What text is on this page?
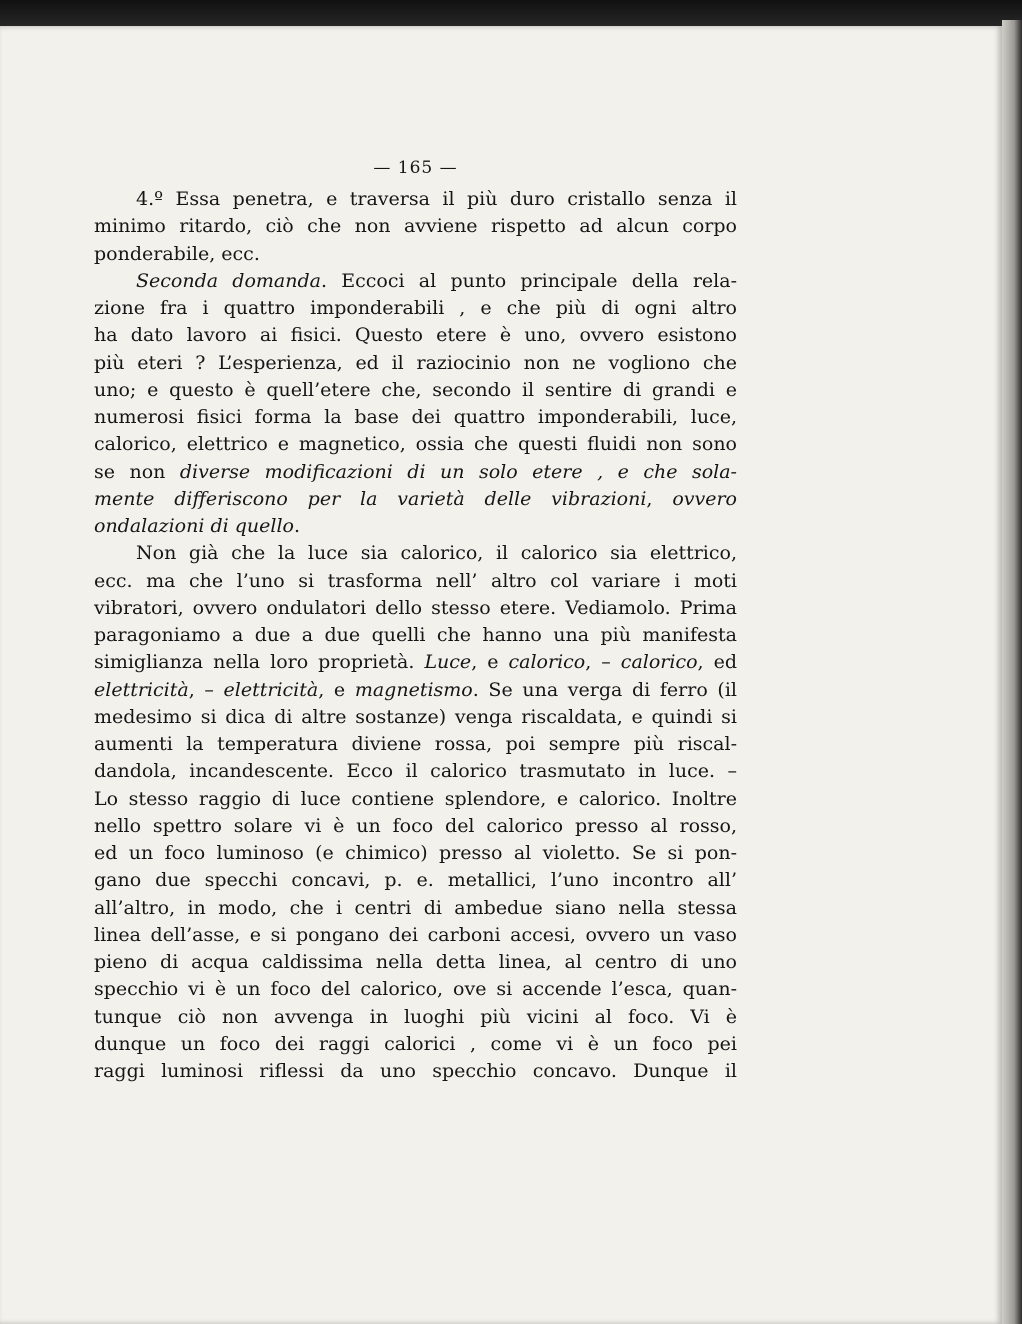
— 165 —
4.º Essa penetra, e traversa il più duro cristallo senza il
minimo ritardo, ciò che non avviene rispetto ad alcun corpo
ponderabile, ecc.
Seconda domanda. Eccoci al punto principale della rela-
zione fra i quattro imponderabili , e che più di ogni altro
ha dato lavoro ai fisici. Questo etere è uno, ovvero esistono
più eteri ? L’esperienza, ed il raziocinio non ne vogliono che
uno; e questo è quell’etere che, secondo il sentire di grandi e
numerosi fisici forma la base dei quattro imponderabili, luce,
calorico, elettrico e magnetico, ossia che questi fluidi non sono
se non diverse modificazioni di un solo etere , e che sola-
mente differiscono per la varietà delle vibrazioni, ovvero
ondalazioni di quello.
Non già che la luce sia calorico, il calorico sia elettrico,
ecc. ma che l’uno si trasforma nell’ altro col variare i moti
vibratori, ovvero ondulatori dello stesso etere. Vediamolo. Prima
paragoniamo a due a due quelli che hanno una più manifesta
simiglianza nella loro proprietà. Luce, e calorico, – calorico, ed
elettricità, – elettricità, e magnetismo. Se una verga di ferro (il
medesimo si dica di altre sostanze) venga riscaldata, e quindi si
aumenti la temperatura diviene rossa, poi sempre più riscal-
dandola, incandescente. Ecco il calorico trasmutato in luce. –
Lo stesso raggio di luce contiene splendore, e calorico. Inoltre
nello spettro solare vi è un foco del calorico presso al rosso,
ed un foco luminoso (e chimico) presso al violetto. Se si pon-
gano due specchi concavi, p. e. metallici, l’uno incontro all’
all’altro, in modo, che i centri di ambedue siano nella stessa
linea dell’asse, e si pongano dei carboni accesi, ovvero un vaso
pieno di acqua caldissima nella detta linea, al centro di uno
specchio vi è un foco del calorico, ove si accende l’esca, quan-
tunque ciò non avvenga in luoghi più vicini al foco. Vi è
dunque un foco dei raggi calorici , come vi è un foco pei
raggi luminosi riflessi da uno specchio concavo. Dunque il
